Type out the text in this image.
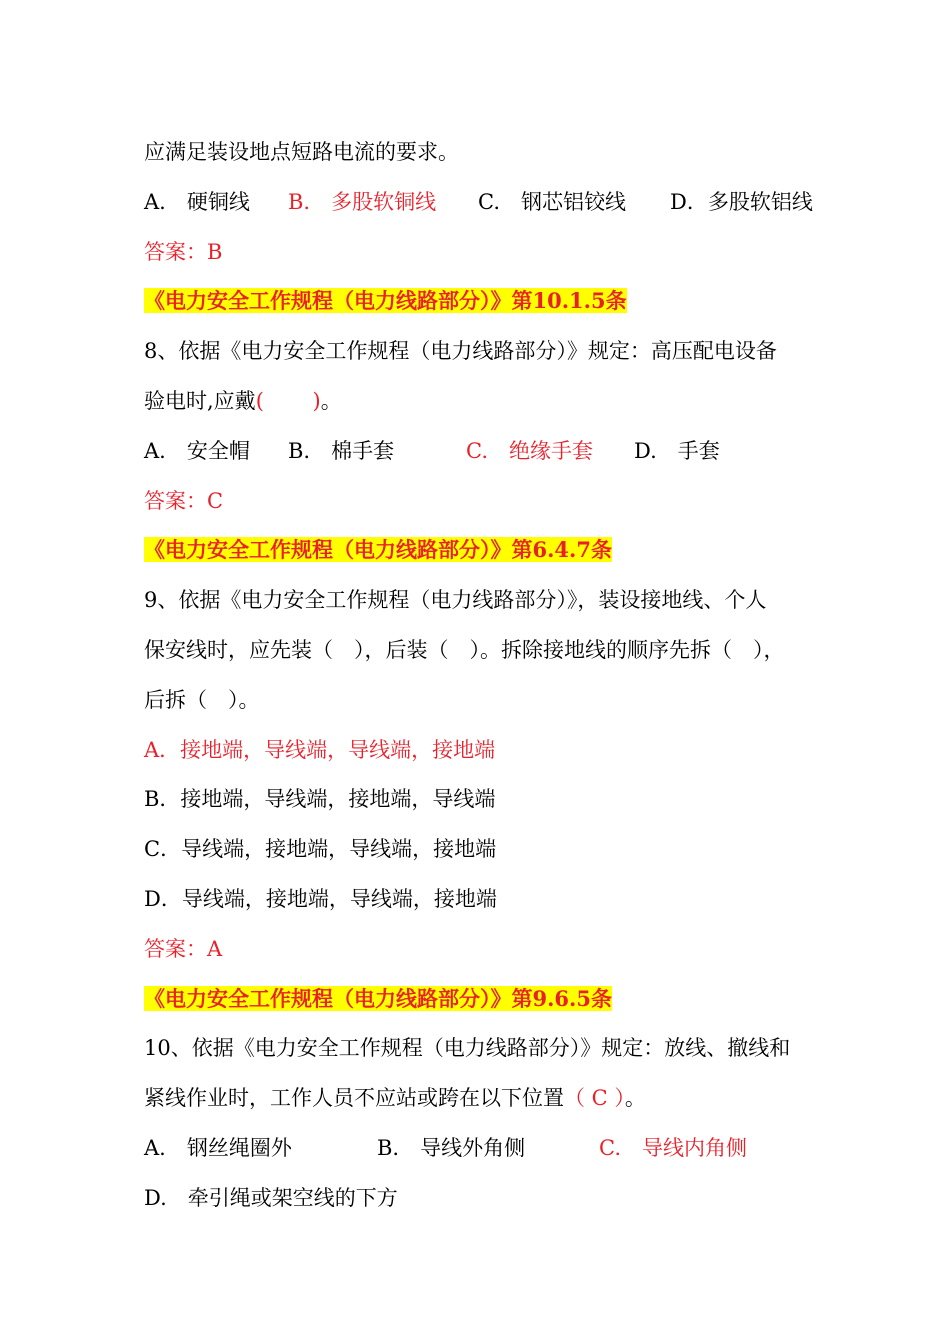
应满足装设地点短路电流的要求。
A.　硬铜线 B.　多股软铜线 C.　钢芯铝铰线 D．多股软铝线
答案：B
《电力安全工作规程（电力线路部分）》第10.1.5条
8、依据《电力安全工作规程（电力线路部分）》规定：高压配电设备
验电时,应戴(　　 )。
A.　安全帽 B.　棉手套	C.　绝缘手套 D.　手套
答案：C
《电力安全工作规程（电力线路部分）》第6.4.7条
9、依据《电力安全工作规程（电力线路部分）》，装设接地线、个人
保安线时，应先装（　），后装（　）。拆除接地线的顺序先拆（　），
后拆（　）。
A．接地端，导线端，导线端，接地端
B．接地端，导线端，接地端，导线端
C．导线端，接地端，导线端，接地端
D．导线端，接地端，导线端，接地端
答案：A
《电力安全工作规程（电力线路部分）》第9.6.5条
10、依据《电力安全工作规程（电力线路部分）》规定：放线、撤线和
紧线作业时，工作人员不应站或跨在以下位置（ C ）。
A.　钢丝绳圈外	B.　导线外角侧	C.　导线内角侧
D.　牵引绳或架空线的下方
